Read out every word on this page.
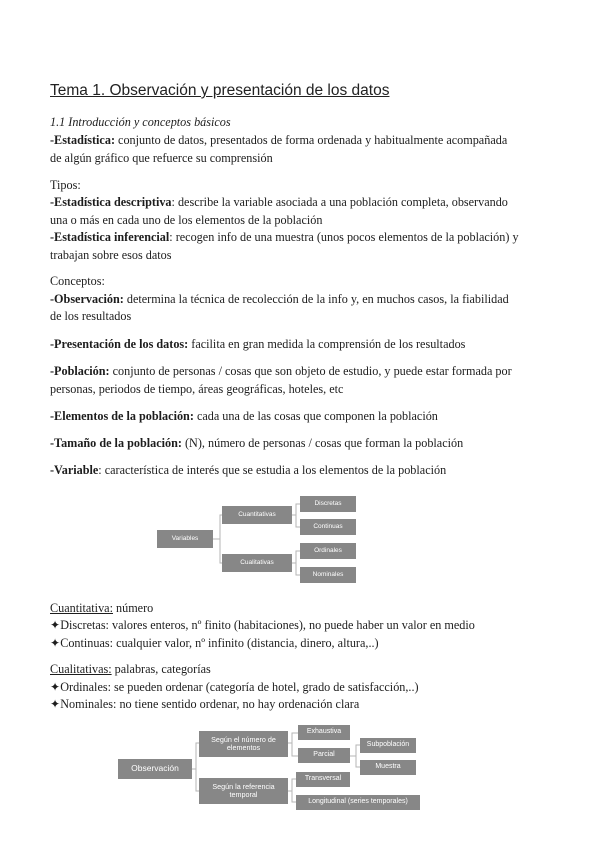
Tema 1. Observación y presentación de los datos
1.1 Introducción y conceptos básicos
-Estadística: conjunto de datos, presentados de forma ordenada y habitualmente acompañada
de algún gráfico que refuerce su comprensión
Tipos:
-Estadística descriptiva: describe la variable asociada a una población completa, observando
una o más en cada uno de los elementos de la población
-Estadística inferencial: recogen info de una muestra (unos pocos elementos de la población) y
trabajan sobre esos datos
Conceptos:
-Observación: determina la técnica de recolección de la info y, en muchos casos, la fiabilidad
de los resultados
-Presentación de los datos: facilita en gran medida la comprensión de los resultados
-Población: conjunto de personas / cosas que son objeto de estudio, y puede estar formada por
personas, periodos de tiempo, áreas geográficas, hoteles, etc
-Elementos de la población: cada una de las cosas que componen la población
-Tamaño de la población: (N), número de personas / cosas que forman la población
-Variable: característica de interés que se estudia a los elementos de la población
Variables
Cuantitativas
Cualitativas
Discretas
Continuas
Ordinales
Nominales
Cuantitativa: número
✦Discretas: valores enteros, nº finito (habitaciones), no puede haber un valor en medio
✦Continuas: cualquier valor, nº infinito (distancia, dinero, altura,..)
Cualitativas: palabras, categorías
✦Ordinales: se pueden ordenar (categoría de hotel, grado de satisfacción,..)
✦Nominales: no tiene sentido ordenar, no hay ordenación clara
Observación
Según el número de elementos
Según la referencia temporal
Exhaustiva
Parcial
Subpoblación
Muestra
Transversal
Longitudinal (series temporales)
